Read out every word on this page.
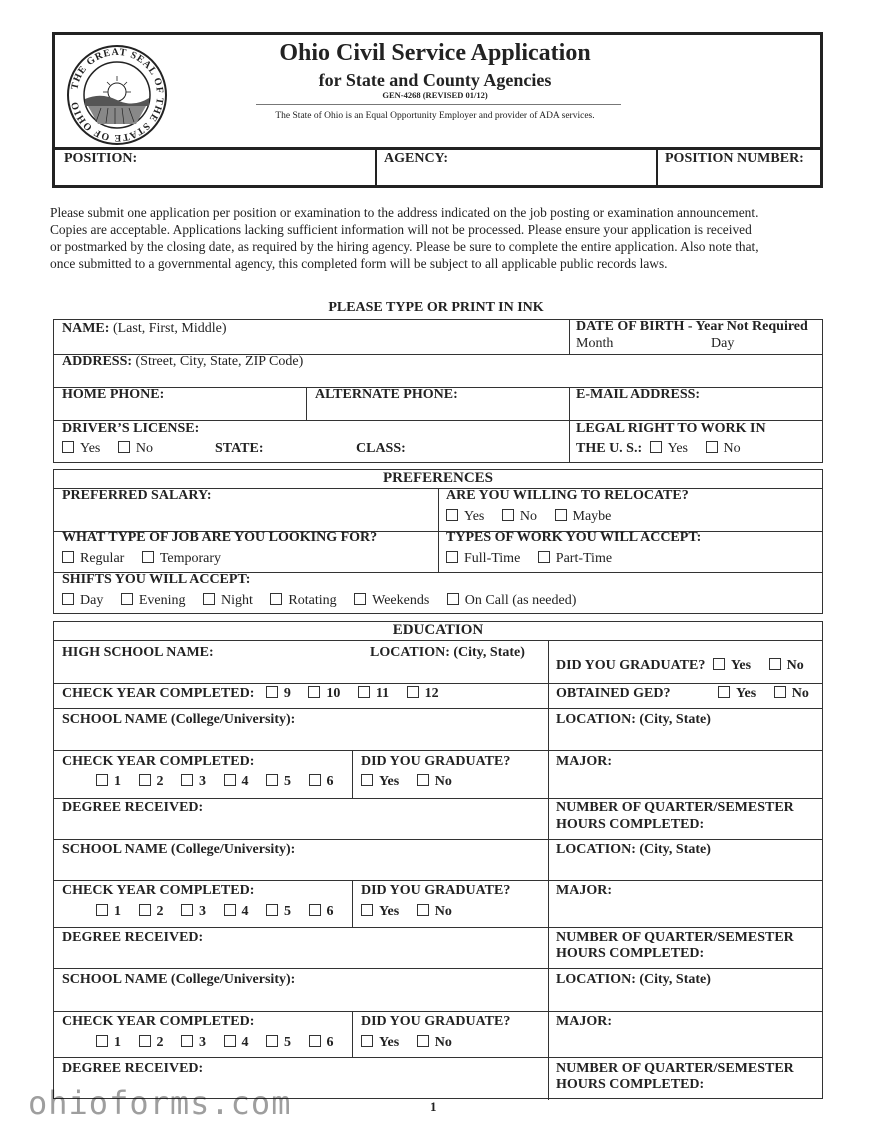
THE GREAT SEAL OF THE STATE OF OHIO
Ohio Civil Service Application
for State and County Agencies
GEN-4268 (REVISED 01/12)
The State of Ohio is an Equal Opportunity Employer and provider of ADA services.
POSITION:	AGENCY:	POSITION NUMBER:
Please submit one application per position or examination to the address indicated on the job posting or examination announcement.
Copies are acceptable. Applications lacking sufficient information will not be processed. Please ensure your application is received
or postmarked by the closing date, as required by the hiring agency. Please be sure to complete the entire application. Also note that,
once submitted to a governmental agency, this completed form will be subject to all applicable public records laws.
PLEASE TYPE OR PRINT IN INK
NAME: (Last, First, Middle)	DATE OF BIRTH - Year Not Required
Month	Day
ADDRESS: (Street, City, State, ZIP Code)
HOME PHONE:	ALTERNATE PHONE:	E-MAIL ADDRESS:
DRIVER’S LICENSE:
Yes	No	STATE:	CLASS:
LEGAL RIGHT TO WORK IN
THE U. S.: Yes	No
PREFERENCES
PREFERRED SALARY:	ARE YOU WILLING TO RELOCATE?
Yes	No	Maybe
WHAT TYPE OF JOB ARE YOU LOOKING FOR?
Regular	Temporary
TYPES OF WORK YOU WILL ACCEPT:
Full-Time	Part-Time
SHIFTS YOU WILL ACCEPT:
Day	Evening	Night	Rotating	Weekends	On Call (as needed)
EDUCATION
HIGH SCHOOL NAME:	LOCATION: (City, State)
DID YOU GRADUATE? Yes	No
CHECK YEAR COMPLETED: 9	10	11	12	OBTAINED GED?	Yes	No
SCHOOL NAME (College/University):	LOCATION: (City, State)
CHECK YEAR COMPLETED:
1	2	3	4	5	6
DID YOU GRADUATE?
Yes	No
MAJOR:
DEGREE RECEIVED:	NUMBER OF QUARTER/SEMESTER
HOURS COMPLETED:
SCHOOL NAME (College/University):	LOCATION: (City, State)
CHECK YEAR COMPLETED:
1	2	3	4	5	6
DID YOU GRADUATE?
Yes	No
MAJOR:
DEGREE RECEIVED:	NUMBER OF QUARTER/SEMESTER
HOURS COMPLETED:
SCHOOL NAME (College/University):	LOCATION: (City, State)
CHECK YEAR COMPLETED:
1	2	3	4	5	6
DID YOU GRADUATE?
Yes	No
MAJOR:
DEGREE RECEIVED:	NUMBER OF QUARTER/SEMESTER
HOURS COMPLETED:
ohioforms.com	1
